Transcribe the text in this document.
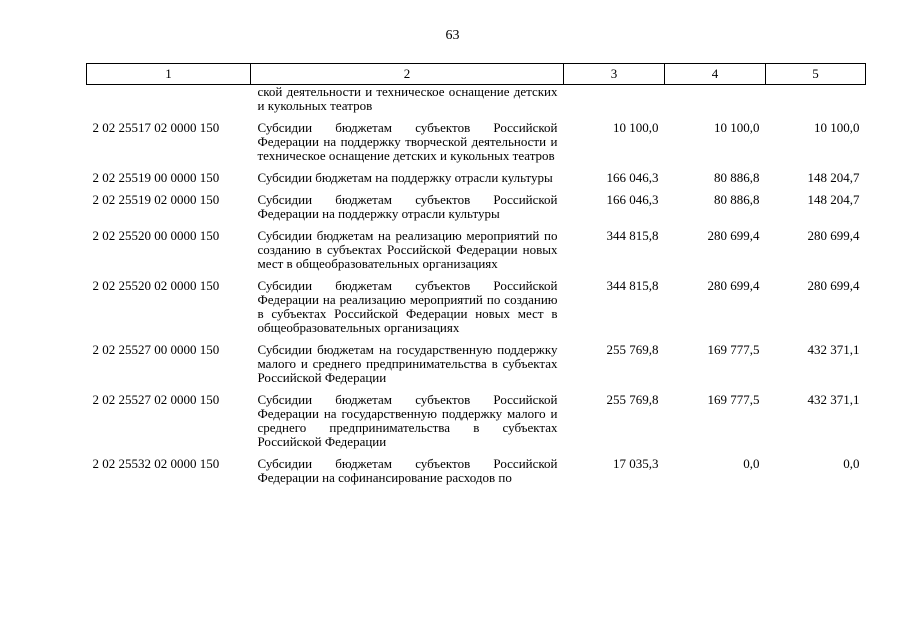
63
1	2	3	4	5
	ской деятельности и техническое оснащение детских и кукольных театров			
2 02 25517 02 0000 150	Субсидии бюджетам субъектов Российской Федерации на поддержку творческой деятельности и техническое оснащение детских и кукольных театров	10 100,0	10 100,0	10 100,0
2 02 25519 00 0000 150	Субсидии бюджетам на поддержку отрасли культуры	166 046,3	80 886,8	148 204,7
2 02 25519 02 0000 150	Субсидии бюджетам субъектов Российской Федерации на поддержку отрасли культуры	166 046,3	80 886,8	148 204,7
2 02 25520 00 0000 150	Субсидии бюджетам на реализацию мероприятий по созданию в субъектах Российской Федерации новых мест в общеобразовательных организациях	344 815,8	280 699,4	280 699,4
2 02 25520 02 0000 150	Субсидии бюджетам субъектов Российской Федерации на реализацию мероприятий по созданию в субъектах Российской Федерации новых мест в общеобразовательных организациях	344 815,8	280 699,4	280 699,4
2 02 25527 00 0000 150	Субсидии бюджетам на государственную поддержку малого и среднего предпринимательства в субъектах Российской Федерации	255 769,8	169 777,5	432 371,1
2 02 25527 02 0000 150	Субсидии бюджетам субъектов Российской Федерации на государственную поддержку малого и среднего предпринимательства в субъектах Российской Федерации	255 769,8	169 777,5	432 371,1
2 02 25532 02 0000 150	Субсидии бюджетам субъектов Российской Федерации на софинансирование расходов по	17 035,3	0,0	0,0
